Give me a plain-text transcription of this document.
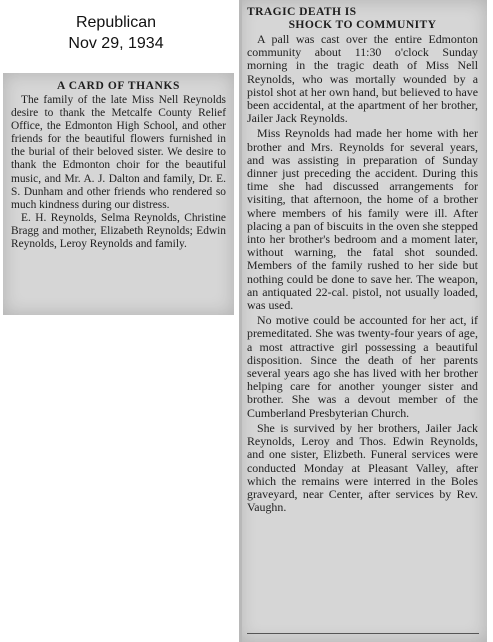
Republican
Nov 29, 1934
A CARD OF THANKS

The family of the late Miss Nell Reynolds desire to thank the Metcalfe County Relief Office, the Edmonton High School, and other friends for the beautiful flowers furnished in the burial of their beloved sister. We desire to thank the Edmonton choir for the beautiful music, and Mr. A. J. Dalton and family, Dr. E. S. Dunham and other friends who rendered so much kindness during our distress.

E. H. Reynolds, Selma Reynolds, Christine Bragg and mother, Elizabeth Reynolds; Edwin Reynolds, Leroy Reynolds and family.

TRAGIC DEATH IS
SHOCK TO COMMUNITY

A pall was cast over the entire Edmonton community about 11:30 o'clock Sunday morning in the tragic death of Miss Nell Reynolds, who was mortally wounded by a pistol shot at her own hand, but believed to have been accidental, at the apartment of her brother, Jailer Jack Reynolds.

Miss Reynolds had made her home with her brother and Mrs. Reynolds for several years, and was assisting in preparation of Sunday dinner just preceding the accident. During this time she had discussed arrangements for visiting, that afternoon, the home of a brother where members of his family were ill. After placing a pan of biscuits in the oven she stepped into her brother's bedroom and a moment later, without warning, the fatal shot sounded. Members of the family rushed to her side but nothing could be done to save her. The weapon, an antiquated 22-cal. pistol, not usually loaded, was used.

No motive could be accounted for her act, if premeditated. She was twenty-four years of age, a most attractive girl possessing a beautiful disposition. Since the death of her parents several years ago she has lived with her brother helping care for another younger sister and brother. She was a devout member of the Cumberland Presbyterian Church.

She is survived by her brothers, Jailer Jack Reynolds, Leroy and Thos. Edwin Reynolds, and one sister, Elizbeth. Funeral services were conducted Monday at Pleasant Valley, after which the remains were interred in the Boles graveyard, near Center, after services by Rev. Vaughn.
